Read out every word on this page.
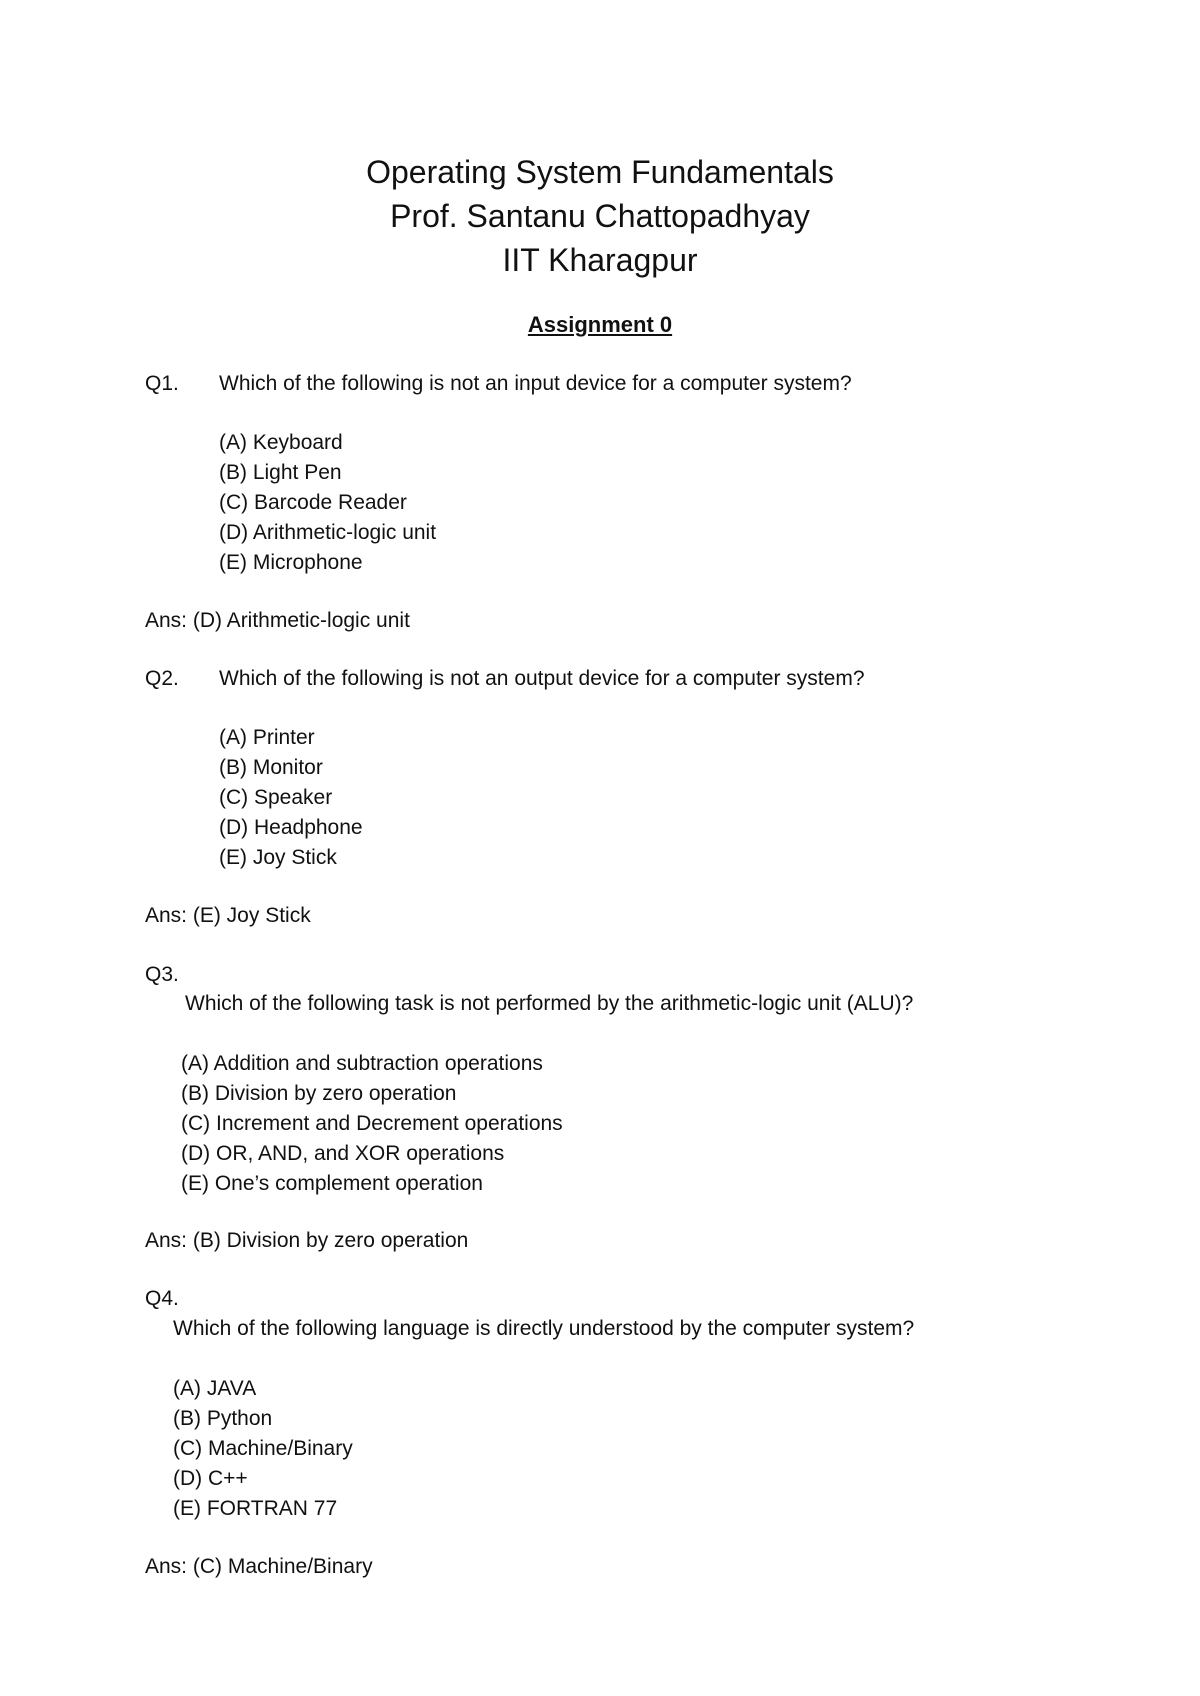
Operating System Fundamentals
Prof. Santanu Chattopadhyay
IIT Kharagpur
Assignment 0
Q1. Which of the following is not an input device for a computer system?
(A) Keyboard
(B) Light Pen
(C) Barcode Reader
(D) Arithmetic-logic unit
(E) Microphone
Ans: (D) Arithmetic-logic unit
Q2. Which of the following is not an output device for a computer system?
(A) Printer
(B) Monitor
(C) Speaker
(D) Headphone
(E) Joy Stick
Ans: (E) Joy Stick
Q3.
Which of the following task is not performed by the arithmetic-logic unit (ALU)?
(A) Addition and subtraction operations
(B) Division by zero operation
(C) Increment and Decrement operations
(D) OR, AND, and XOR operations
(E) One’s complement operation
Ans: (B) Division by zero operation
Q4.
Which of the following language is directly understood by the computer system?
(A) JAVA
(B) Python
(C) Machine/Binary
(D) C++
(E) FORTRAN 77
Ans: (C) Machine/Binary
